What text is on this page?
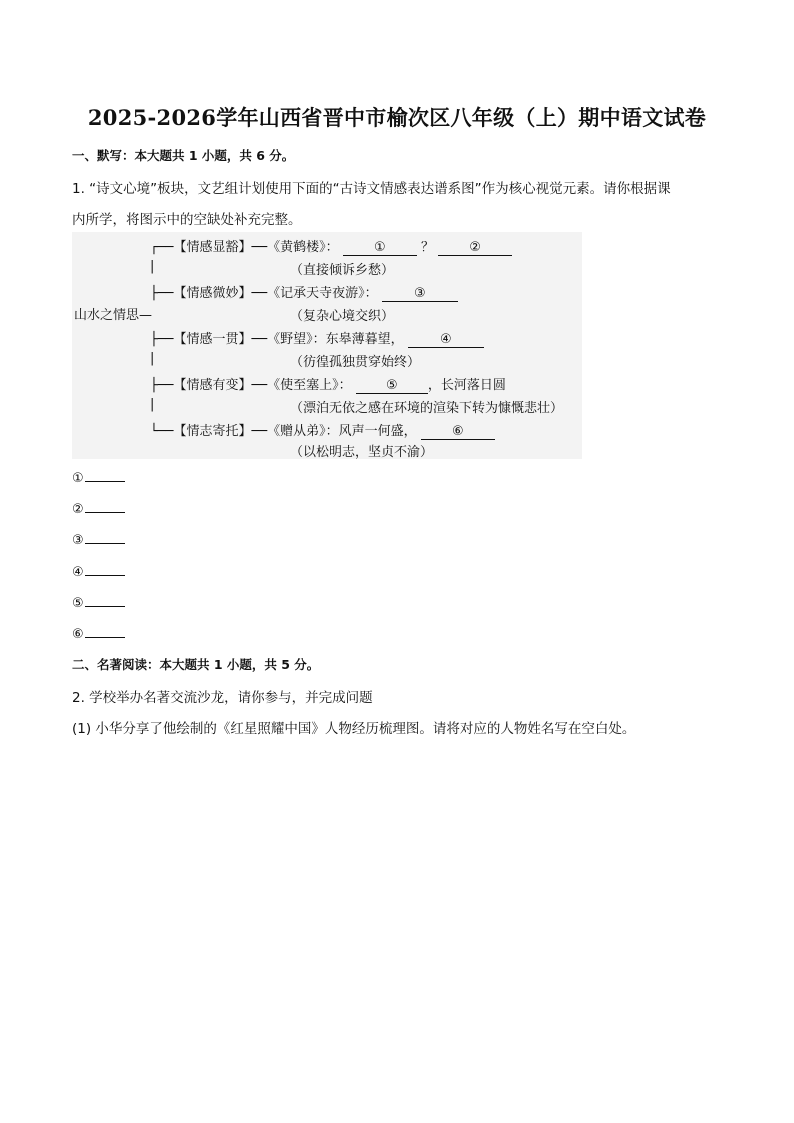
2025-2026学年山西省晋中市榆次区八年级（上）期中语文试卷
一、默写：本大题共 1 小题，共 6 分。
1. “诗文心境”板块，文艺组计划使用下面的“古诗文情感表达谱系图”作为核心视觉元素。请你根据课
内所学，将图示中的空缺处补充完整。
山水之情思—
┌──【情感显豁】──《黄鹤楼》：	① ？ ②
|	（直接倾诉乡愁）
├──【情感微妙】──《记承天寺夜游》：	③
（复杂心境交织）
├──【情感一贯】──《野望》：东皋薄暮望，	④
|	（彷徨孤独贯穿始终）
├──【情感有变】──《使至塞上》：	⑤ ，长河落日圆
|	（漂泊无依之感在环境的渲染下转为慷慨悲壮）
└──【情志寄托】──《赠从弟》：风声一何盛，	⑥
（以松明志，坚贞不渝）
①
②
③
④
⑤
⑥
二、名著阅读：本大题共 1 小题，共 5 分。
2. 学校举办名著交流沙龙，请你参与，并完成问题
(1) 小华分享了他绘制的《红星照耀中国》人物经历梳理图。请将对应的人物姓名写在空白处。
